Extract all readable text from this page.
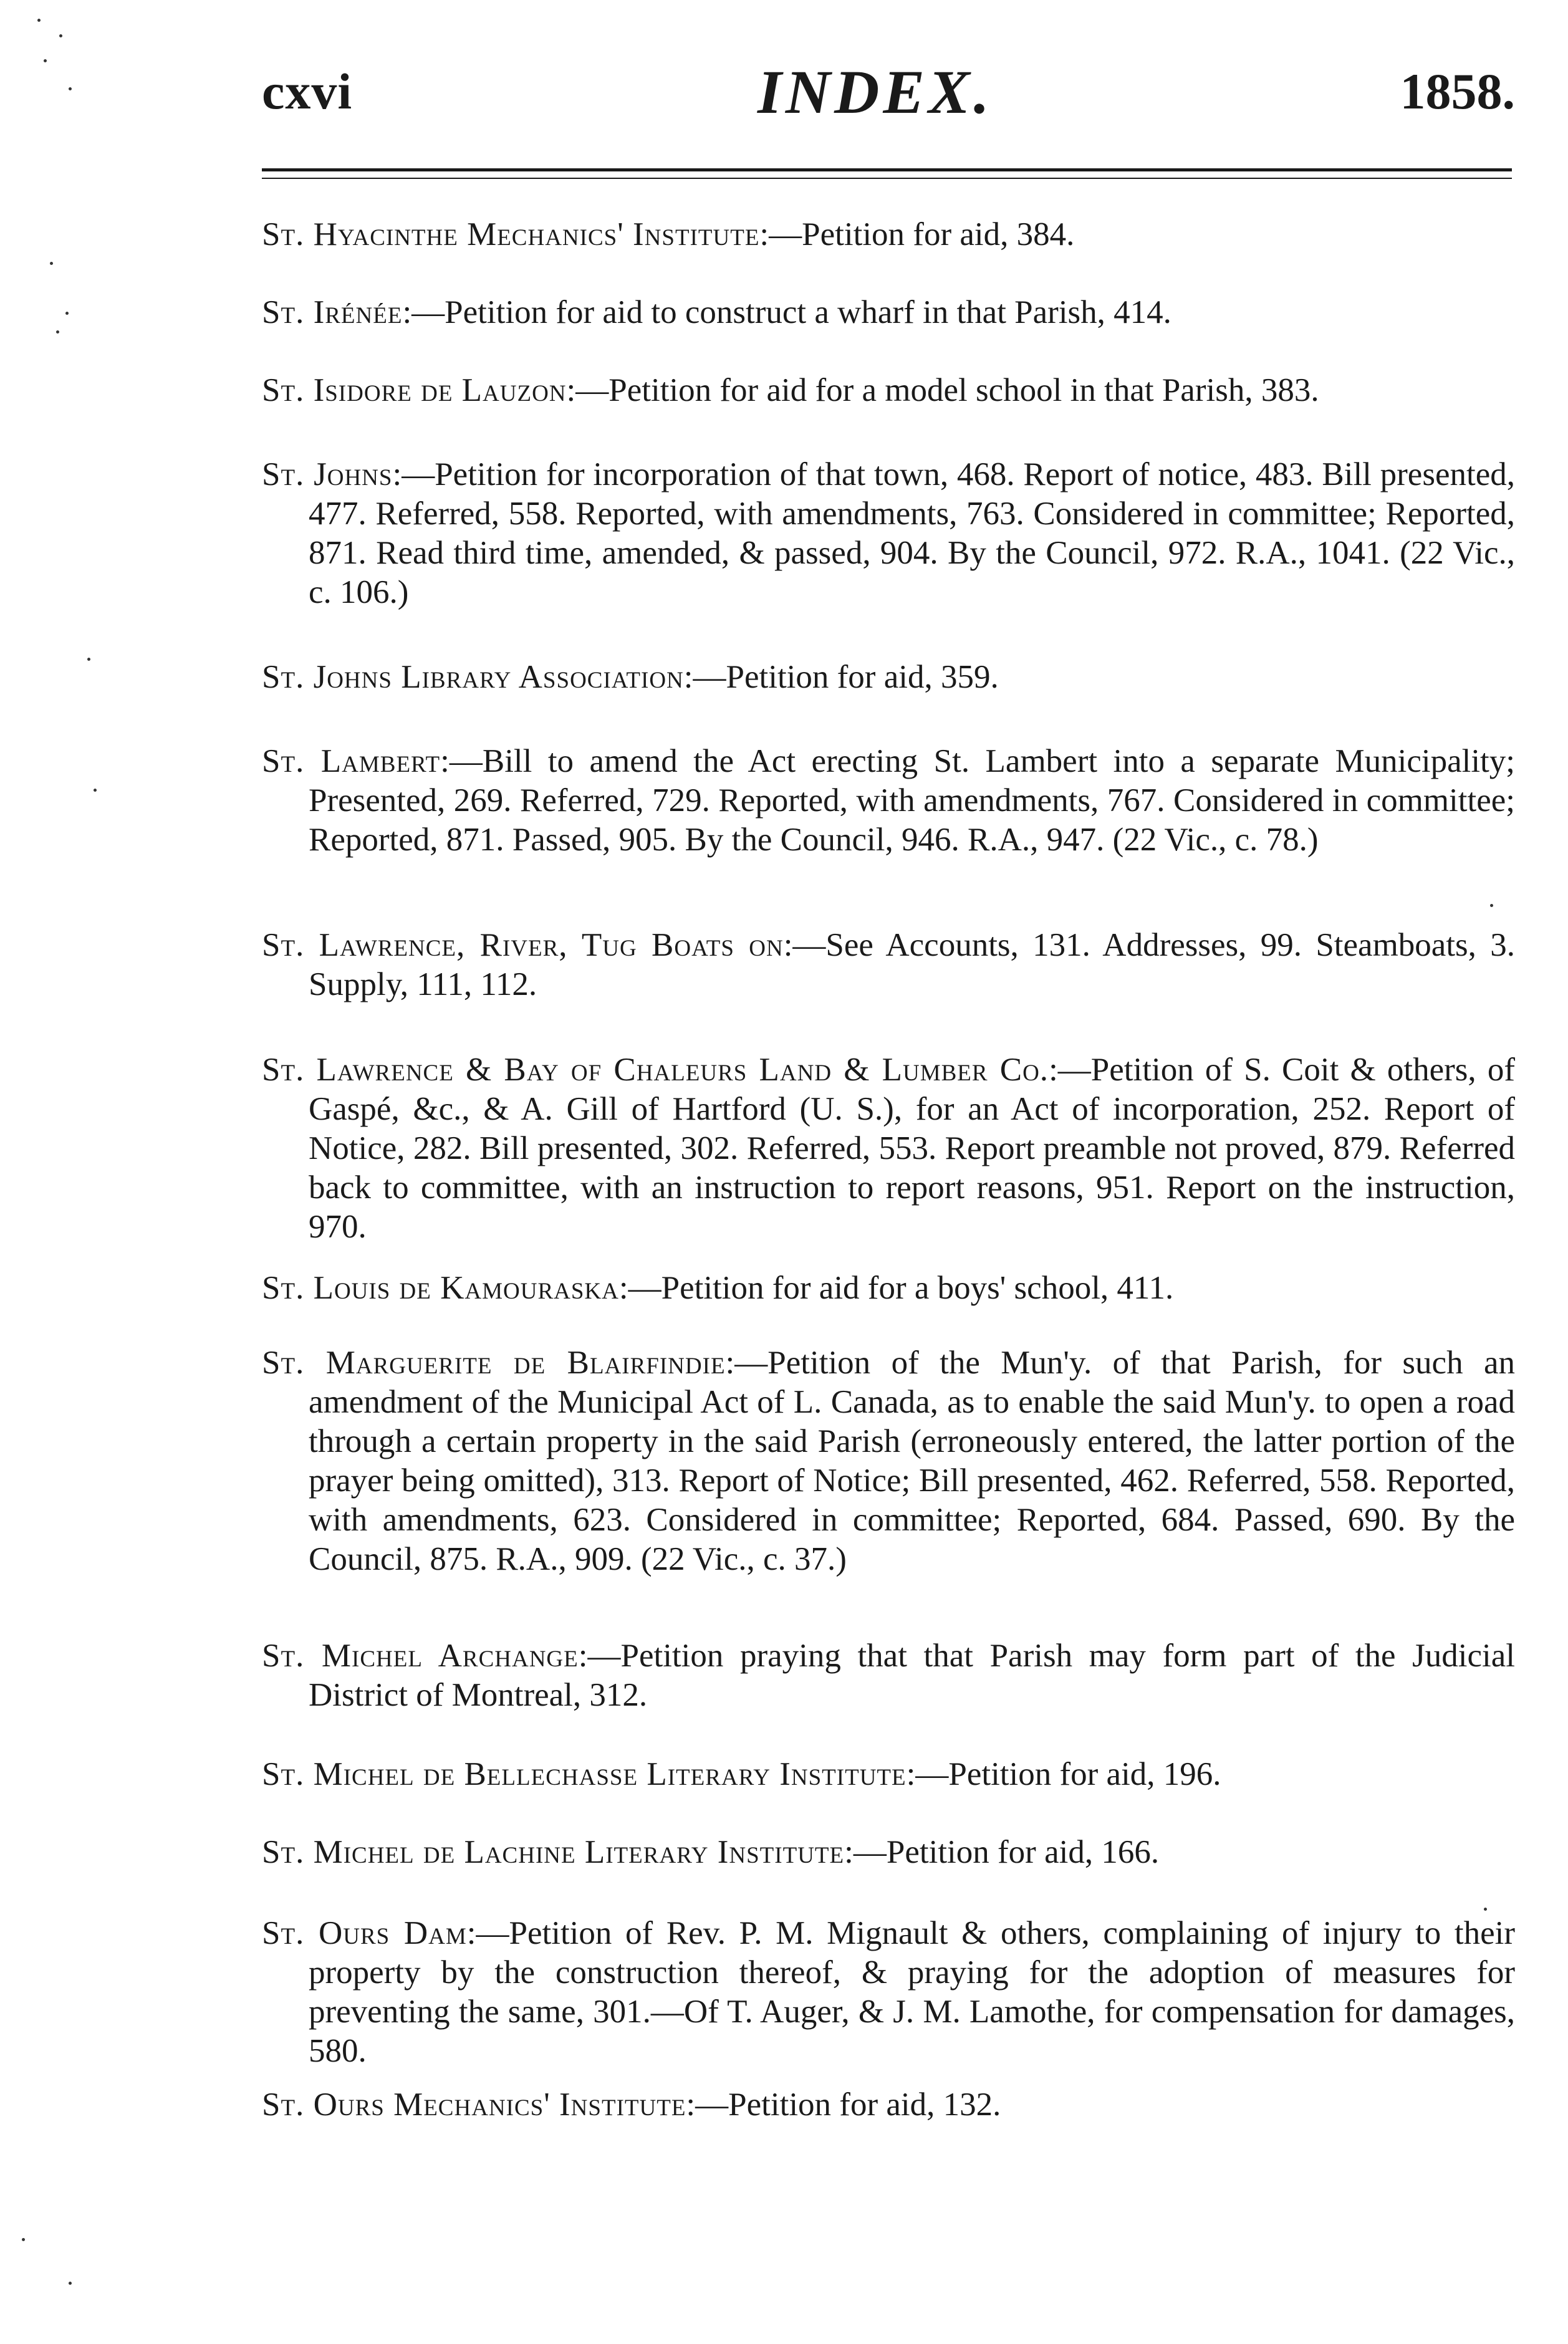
cxvi	INDEX.	1858.

St. Hyacinthe Mechanics' Institute:—Petition for aid, 384.

St. Irénée:—Petition for aid to construct a wharf in that Parish, 414.

St. Isidore de Lauzon:—Petition for aid for a model school in that Parish, 383.

St. Johns:—Petition for incorporation of that town, 468. Report of notice, 483. Bill presented, 477. Referred, 558. Reported, with amendments, 763. Considered in committee; Reported, 871. Read third time, amended, & passed, 904. By the Council, 972. R.A., 1041. (22 Vic., c. 106.)

St. Johns Library Association:—Petition for aid, 359.

St. Lambert:—Bill to amend the Act erecting St. Lambert into a separate Municipality; Presented, 269. Referred, 729. Reported, with amendments, 767. Considered in committee; Reported, 871. Passed, 905. By the Council, 946. R.A., 947. (22 Vic., c. 78.)

St. Lawrence, River, Tug Boats on:—See Accounts, 131. Addresses, 99. Steamboats, 3. Supply, 111, 112.

St. Lawrence & Bay of Chaleurs Land & Lumber Co.:—Petition of S. Coit & others, of Gaspé, &c., & A. Gill of Hartford (U. S.), for an Act of incorporation, 252. Report of Notice, 282. Bill presented, 302. Referred, 553. Report preamble not proved, 879. Referred back to committee, with an instruction to report reasons, 951. Report on the instruction, 970.

St. Louis de Kamouraska:—Petition for aid for a boys' school, 411.

St. Marguerite de Blairfindie:—Petition of the Mun'y. of that Parish, for such an amendment of the Municipal Act of L. Canada, as to enable the said Mun'y. to open a road through a certain property in the said Parish (erroneously entered, the latter portion of the prayer being omitted), 313. Report of Notice; Bill presented, 462. Referred, 558. Reported, with amendments, 623. Considered in committee; Reported, 684. Passed, 690. By the Council, 875. R.A., 909. (22 Vic., c. 37.)

St. Michel Archange:—Petition praying that that Parish may form part of the Judicial District of Montreal, 312.

St. Michel de Bellechasse Literary Institute:—Petition for aid, 196.

St. Michel de Lachine Literary Institute:—Petition for aid, 166.

St. Ours Dam:—Petition of Rev. P. M. Mignault & others, complaining of injury to their property by the construction thereof, & praying for the adoption of measures for preventing the same, 301.—Of T. Auger, & J. M. Lamothe, for compensation for damages, 580.

St. Ours Mechanics' Institute:—Petition for aid, 132.
